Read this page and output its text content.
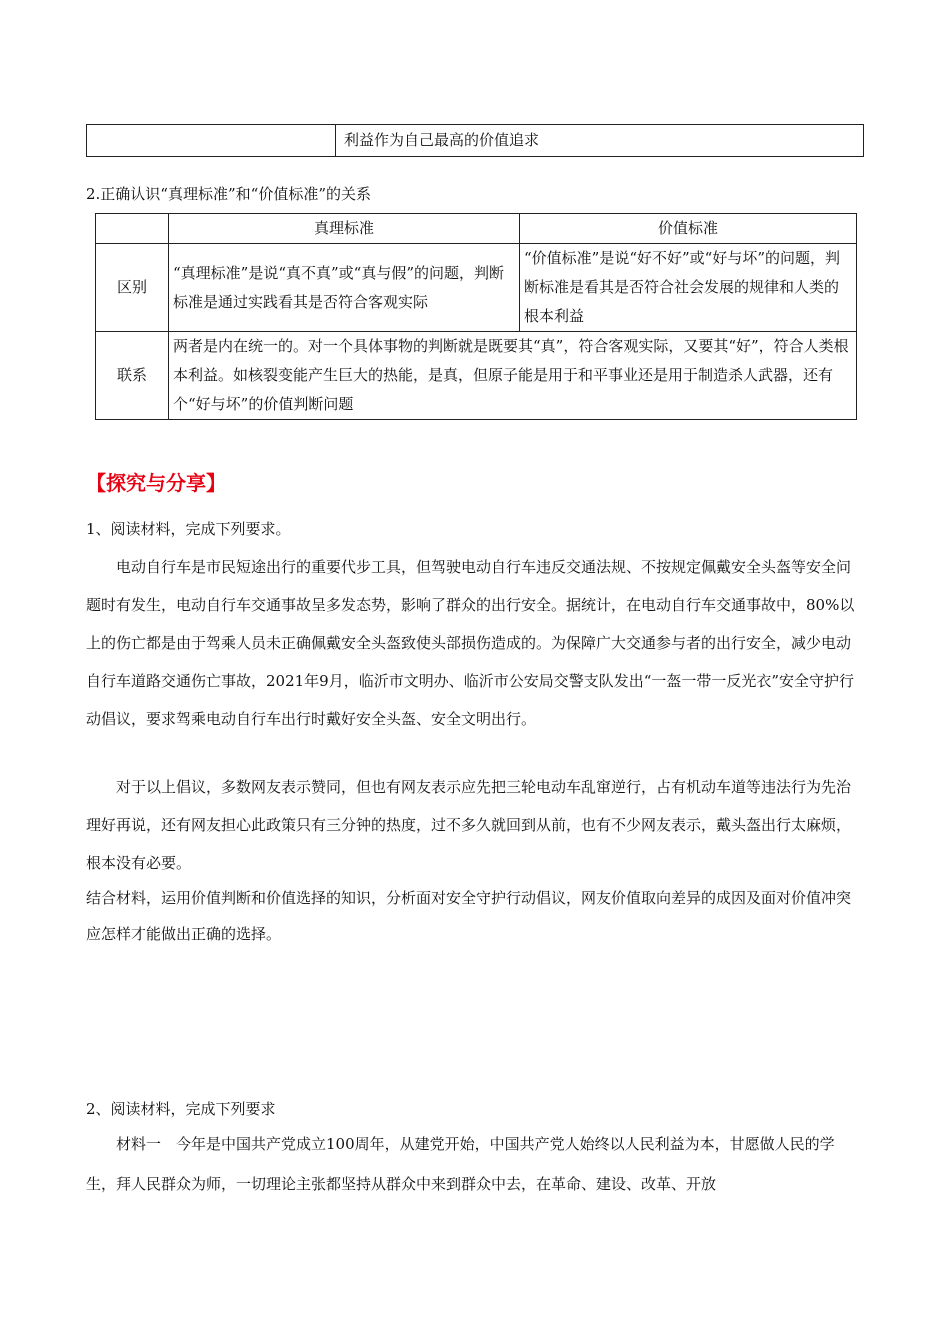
	利益作为自己最高的价值追求
2.正确认识“真理标准”和“价值标准”的关系
	真理标准	价值标准
区别	“真理标准”是说“真不真”或“真与假”的问题，判断标准是通过实践看其是否符合客观实际	“价值标准”是说“好不好”或“好与坏”的问题，判断标准是看其是否符合社会发展的规律和人类的根本利益
联系	两者是内在统一的。对一个具体事物的判断就是既要其“真”，符合客观实际，又要其“好”，符合人类根本利益。如核裂变能产生巨大的热能，是真，但原子能是用于和平事业还是用于制造杀人武器，还有个“好与坏”的价值判断问题	
【探究与分享】
1、阅读材料，完成下列要求。
电动自行车是市民短途出行的重要代步工具，但驾驶电动自行车违反交通法规、不按规定佩戴安全头盔等安全问题时有发生，电动自行车交通事故呈多发态势，影响了群众的出行安全。据统计，在电动自行车交通事故中，80%以上的伤亡都是由于驾乘人员未正确佩戴安全头盔致使头部损伤造成的。为保障广大交通参与者的出行安全，减少电动自行车道路交通伤亡事故，2021年9月，临沂市文明办、临沂市公安局交警支队发出“一盔一带一反光衣”安全守护行动倡议，要求驾乘电动自行车出行时戴好安全头盔、安全文明出行。
对于以上倡议，多数网友表示赞同，但也有网友表示应先把三轮电动车乱窜逆行，占有机动车道等违法行为先治理好再说，还有网友担心此政策只有三分钟的热度，过不多久就回到从前，也有不少网友表示，戴头盔出行太麻烦，根本没有必要。
结合材料，运用价值判断和价值选择的知识，分析面对安全守护行动倡议，网友价值取向差异的成因及面对价值冲突应怎样才能做出正确的选择。
2、阅读材料，完成下列要求
材料一　今年是中国共产党成立100周年，从建党开始，中国共产党人始终以人民利益为本，甘愿做人民的学生，拜人民群众为师，一切理论主张都坚持从群众中来到群众中去，在革命、建设、改革、开放
